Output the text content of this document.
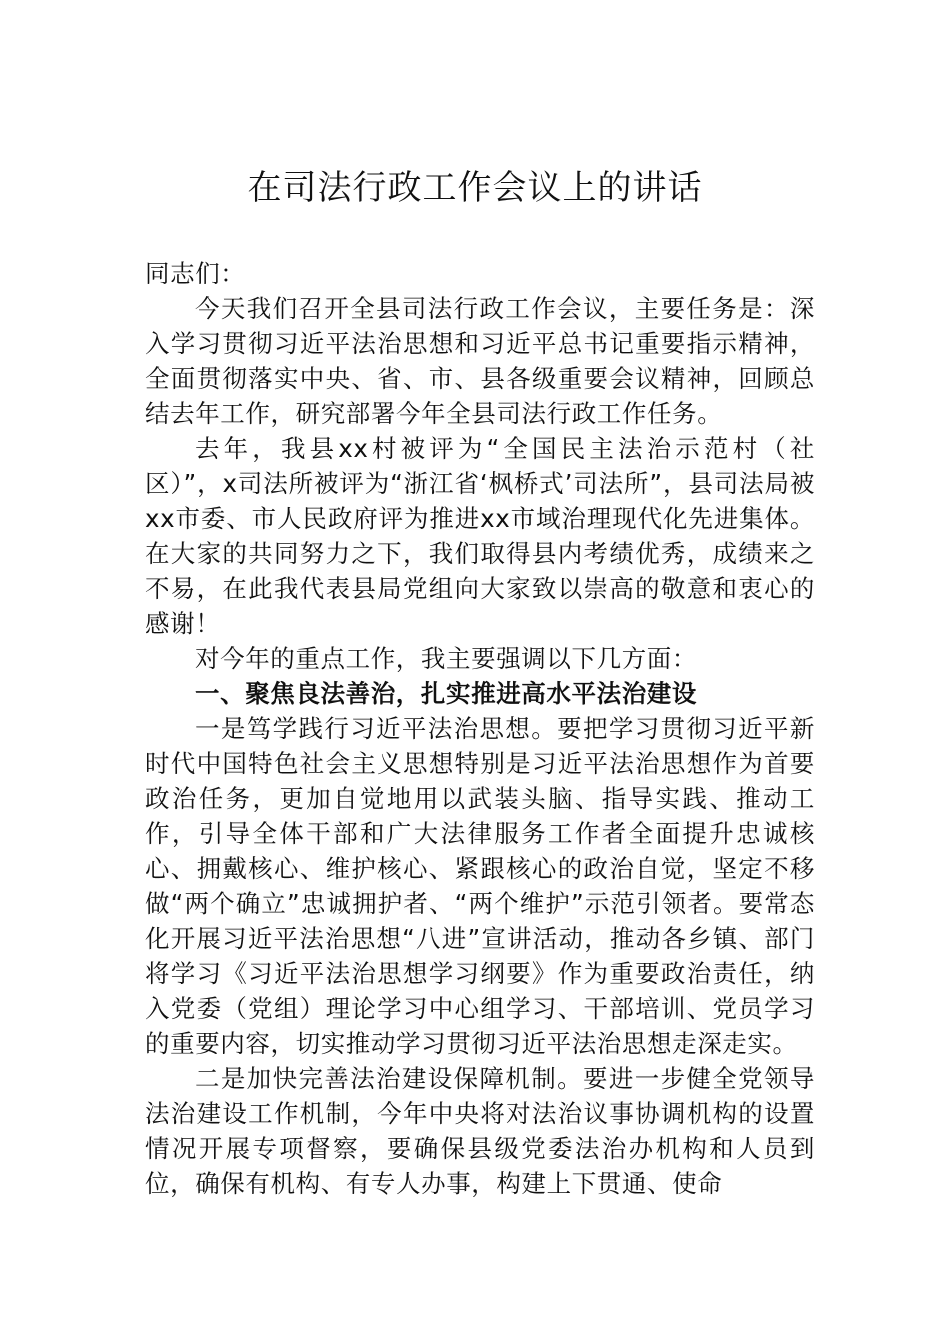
在司法行政工作会议上的讲话

同志们：

今天我们召开全县司法行政工作会议，主要任务是：深入学习贯彻习近平法治思想和习近平总书记重要指示精神，全面贯彻落实中央、省、市、县各级重要会议精神，回顾总结去年工作，研究部署今年全县司法行政工作任务。

去年，我县xx村被评为“全国民主法治示范村（社区）”，x司法所被评为“浙江省‘枫桥式’司法所”，县司法局被xx市委、市人民政府评为推进xx市域治理现代化先进集体。在大家的共同努力之下，我们取得县内考绩优秀，成绩来之不易，在此我代表县局党组向大家致以崇高的敬意和衷心的感谢！

对今年的重点工作，我主要强调以下几方面：

一、聚焦良法善治，扎实推进高水平法治建设

一是笃学践行习近平法治思想。要把学习贯彻习近平新时代中国特色社会主义思想特别是习近平法治思想作为首要政治任务，更加自觉地用以武装头脑、指导实践、推动工作，引导全体干部和广大法律服务工作者全面提升忠诚核心、拥戴核心、维护核心、紧跟核心的政治自觉，坚定不移做“两个确立”忠诚拥护者、“两个维护”示范引领者。要常态化开展习近平法治思想“八进”宣讲活动，推动各乡镇、部门将学习《习近平法治思想学习纲要》作为重要政治责任，纳入党委（党组）理论学习中心组学习、干部培训、党员学习的重要内容，切实推动学习贯彻习近平法治思想走深走实。

二是加快完善法治建设保障机制。要进一步健全党领导法治建设工作机制，今年中央将对法治议事协调机构的设置情况开展专项督察，要确保县级党委法治办机构和人员到位，确保有机构、有专人办事，构建上下贯通、使命
